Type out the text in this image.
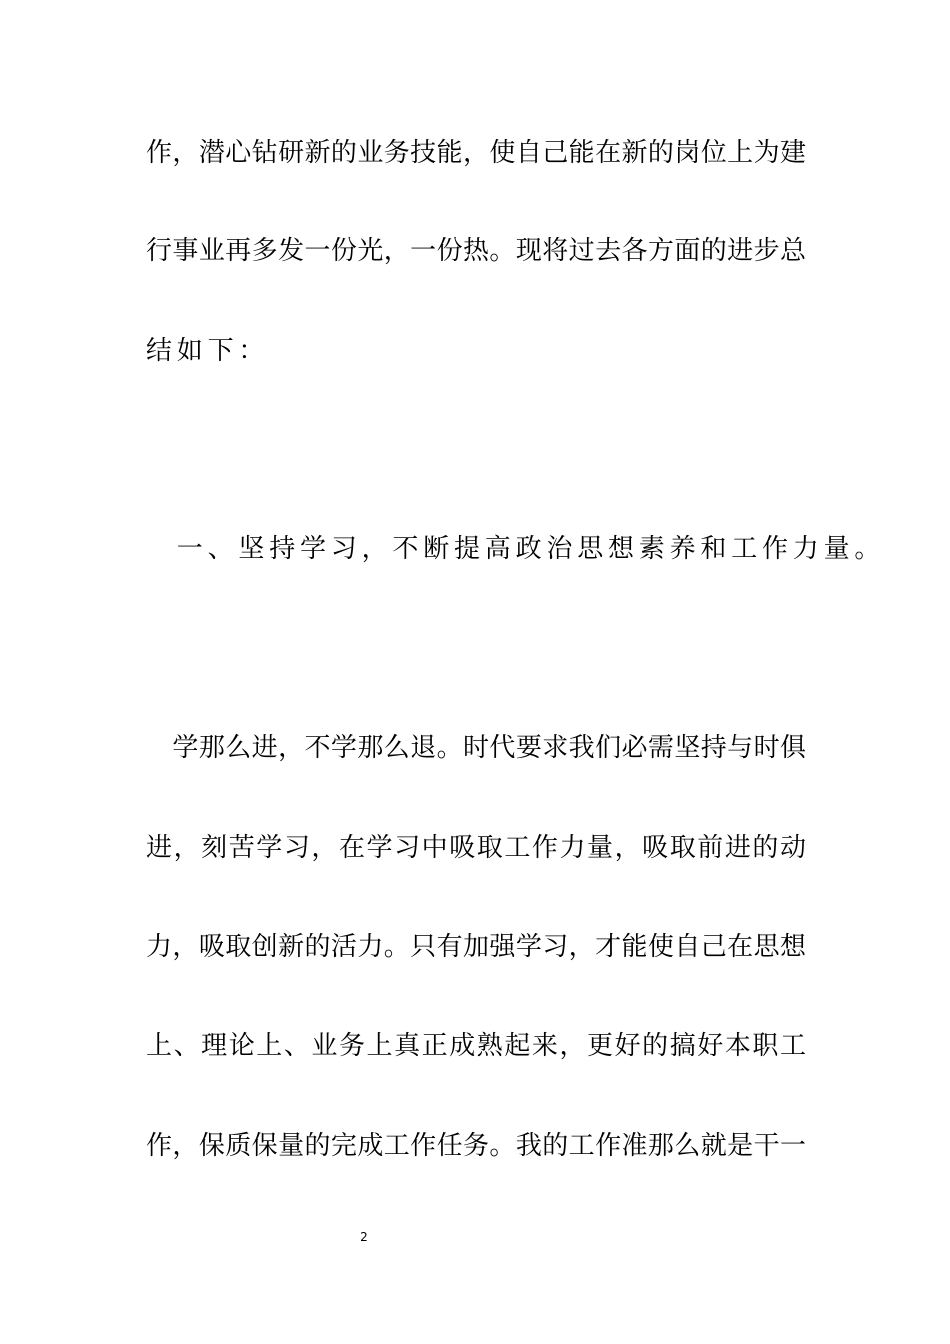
作，潜心钻研新的业务技能，使自己能在新的岗位上为建
行事业再多发一份光，一份热。现将过去各方面的进步总
结如下：
　一、坚持学习，不断提高政治思想素养和工作力量。
　学那么进，不学那么退。时代要求我们必需坚持与时俱
进，刻苦学习，在学习中吸取工作力量，吸取前进的动
力，吸取创新的活力。只有加强学习，才能使自己在思想
上、理论上、业务上真正成熟起来，更好的搞好本职工
作，保质保量的完成工作任务。我的工作准那么就是干一
2
